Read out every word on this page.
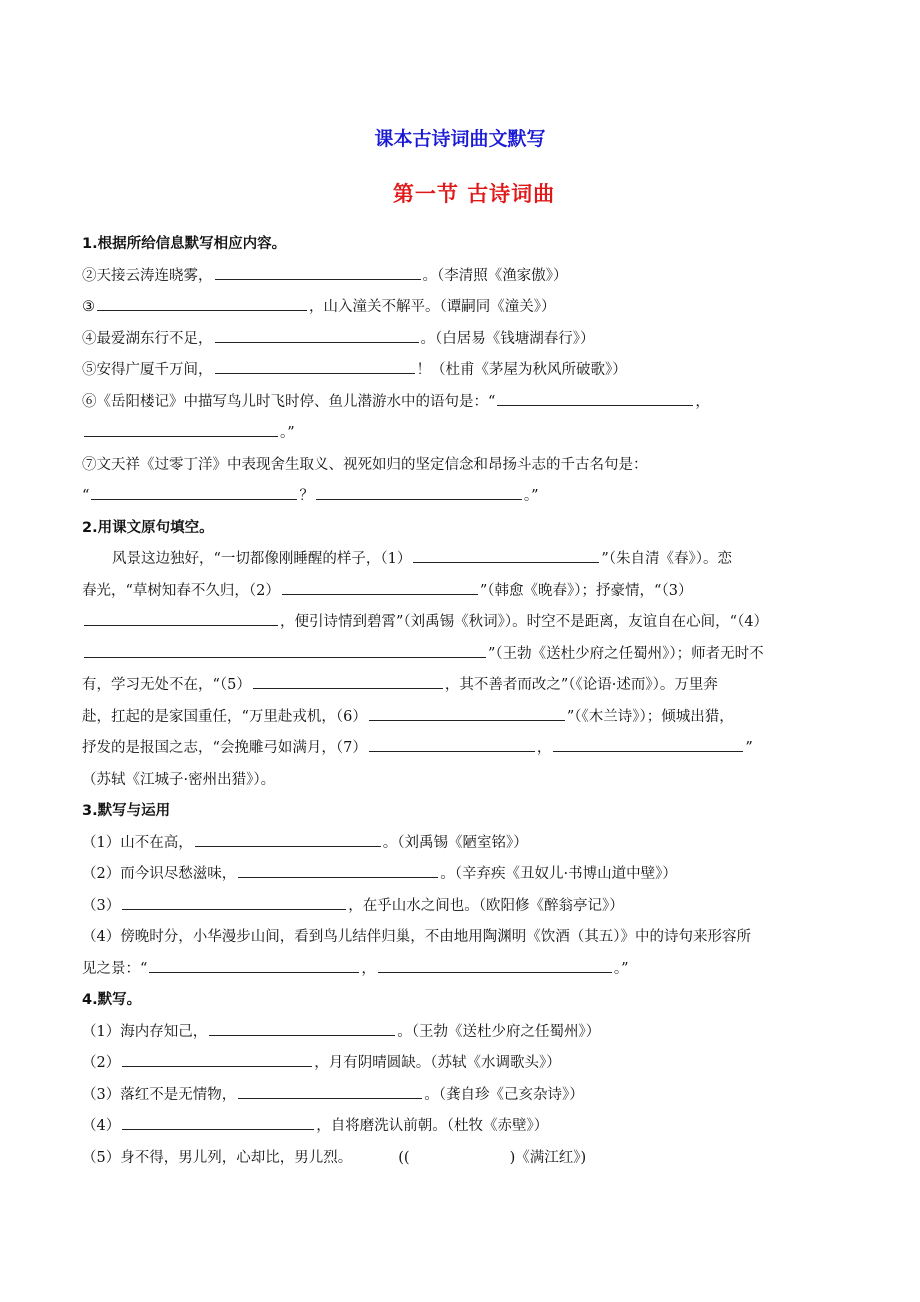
课本古诗词曲文默写
第一节 古诗词曲
1.根据所给信息默写相应内容。
②天接云涛连晓雾，	。（李清照《渔家傲》）
③	，山入潼关不解平。（谭嗣同《潼关》）
④最爱湖东行不足，	。（白居易《钱塘湖春行》）
⑤安得广厦千万间，	！（杜甫《茅屋为秋风所破歌》）
⑥《岳阳楼记》中描写鸟儿时飞时停、鱼儿潜游水中的语句是：“	，
。”
⑦文天祥《过零丁洋》中表现舍生取义、视死如归的坚定信念和昂扬斗志的千古名句是：
“	？	。”
2.用课文原句填空。
风景这边独好，“一切都像刚睡醒的样子，（1）	”（朱自清《春》）。恋
春光，“草树知春不久归，（2）	”（韩愈《晚春》）；抒豪情，“（3）
，便引诗情到碧霄”（刘禹锡《秋词》）。时空不是距离，友谊自在心间，“（4）
”（王勃《送杜少府之任蜀州》）；师者无时不
有，学习无处不在，“（5）	，其不善者而改之”（《论语·述而》）。万里奔
赴，扛起的是家国重任，“万里赴戎机，（6）	”（《木兰诗》）；倾城出猎，
抒发的是报国之志，“会挽雕弓如满月，（7）	，	”
（苏轼《江城子·密州出猎》）。
3.默写与运用
（1）山不在高，	。（刘禹锡《陋室铭》）
（2）而今识尽愁滋味，	。（辛弃疾《丑奴儿·书博山道中壁》）
（3）	，在乎山水之间也。（欧阳修《醉翁亭记》）
（4）傍晚时分，小华漫步山间，看到鸟儿结伴归巢，不由地用陶渊明《饮酒（其五）》中的诗句来形容所
见之景：“	，	。”
4.默写。
（1）海内存知己，	。（王勃《送杜少府之任蜀州》）
（2）	，月有阴晴圆缺。（苏轼《水调歌头》）
（3）落红不是无情物，	。（龚自珍《己亥杂诗》）
（4）	，自将磨洗认前朝。（杜牧《赤壁》）
（5）身不得，男儿列，心却比，男儿烈。	((	)《满江红》)
